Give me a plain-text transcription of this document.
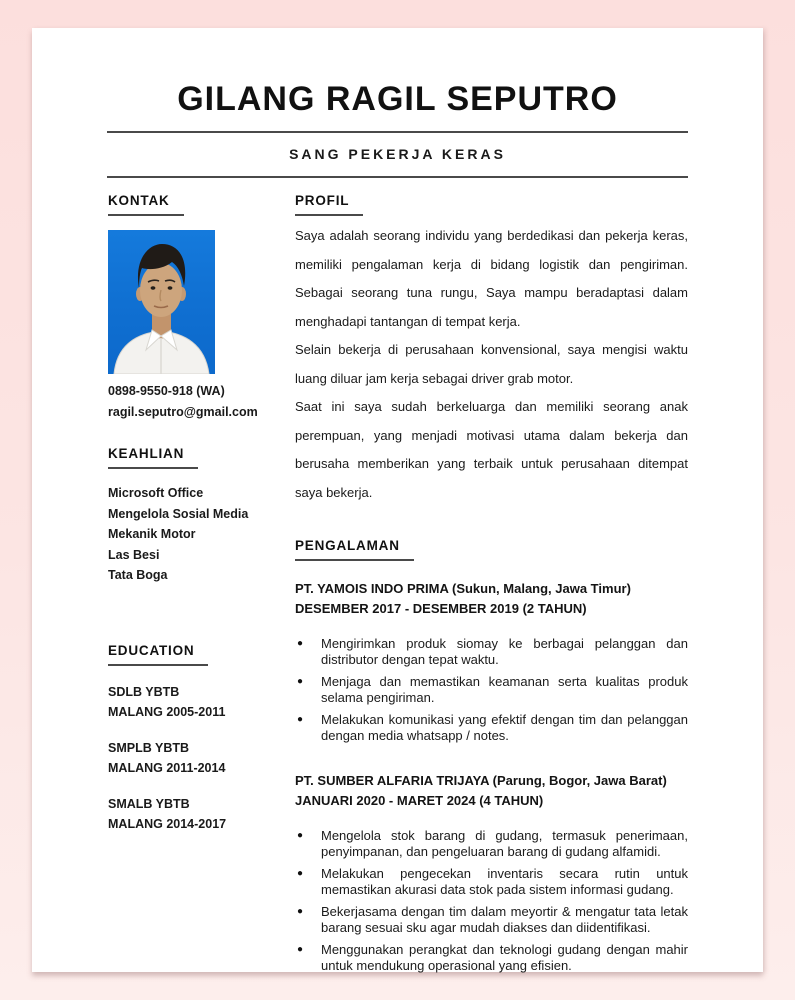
GILANG RAGIL SEPUTRO
SANG PEKERJA KERAS
KONTAK
0898-9550-918 (WA)
ragil.seputro@gmail.com
KEAHLIAN
Microsoft Office
Mengelola Sosial Media
Mekanik Motor
Las Besi
Tata Boga
EDUCATION
SDLB YBTB
MALANG 2005-2011
SMPLB YBTB
MALANG 2011-2014
SMALB YBTB
MALANG 2014-2017
PROFIL

Saya adalah seorang individu yang berdedikasi dan pekerja keras, memiliki pengalaman kerja di bidang logistik dan pengiriman. Sebagai seorang tuna rungu, Saya mampu beradaptasi dalam menghadapi tantangan di tempat kerja.

Selain bekerja di perusahaan konvensional, saya mengisi waktu luang diluar jam kerja sebagai driver grab motor.

Saat ini saya sudah berkeluarga dan memiliki seorang anak perempuan, yang menjadi motivasi utama dalam bekerja dan berusaha memberikan yang terbaik untuk perusahaan ditempat saya bekerja.

PENGALAMAN
PT. YAMOIS INDO PRIMA (Sukun, Malang, Jawa Timur)
DESEMBER 2017 - DESEMBER 2019 (2 TAHUN)
● Mengirimkan produk siomay ke berbagai pelanggan dan distributor dengan tepat waktu.
● Menjaga dan memastikan keamanan serta kualitas produk selama pengiriman.
● Melakukan komunikasi yang efektif dengan tim dan pelanggan dengan media whatsapp / notes.
PT. SUMBER ALFARIA TRIJAYA (Parung, Bogor, Jawa Barat)
JANUARI 2020 - MARET 2024 (4 TAHUN)
● Mengelola stok barang di gudang, termasuk penerimaan, penyimpanan, dan pengeluaran barang di gudang alfamidi.
● Melakukan pengecekan inventaris secara rutin untuk memastikan akurasi data stok pada sistem informasi gudang.
● Bekerjasama dengan tim dalam meyortir & mengatur tata letak barang sesuai sku agar mudah diakses dan diidentifikasi.
● Menggunakan perangkat dan teknologi gudang dengan mahir untuk mendukung operasional yang efisien.
